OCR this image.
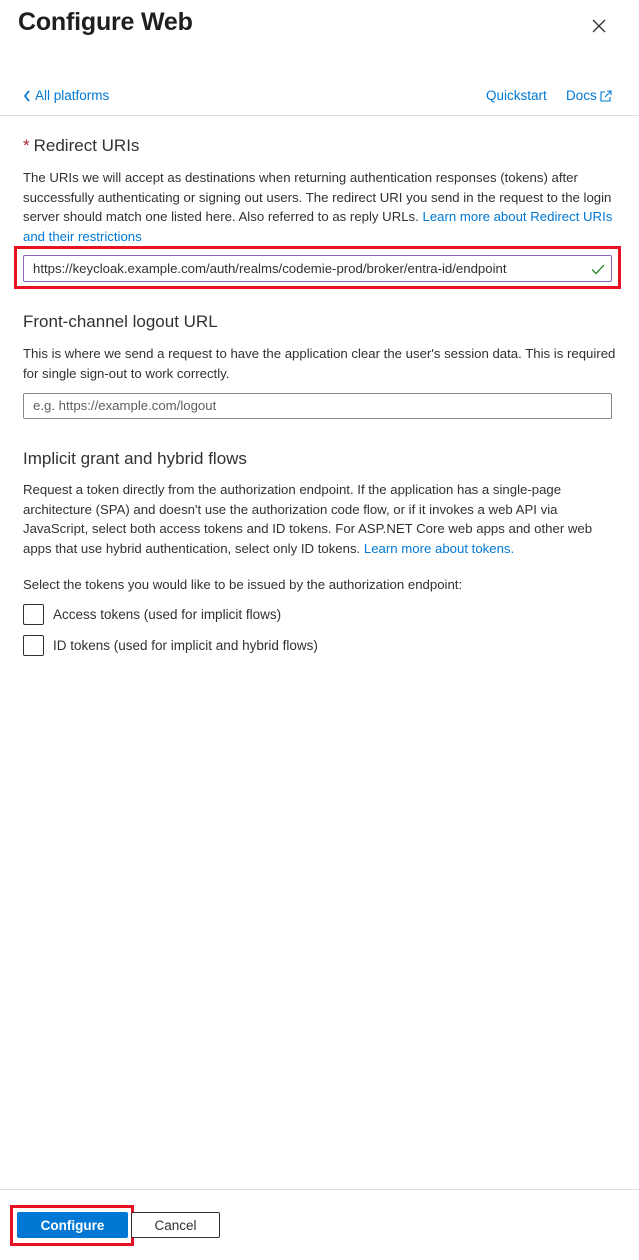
Configure Web
All platforms	Quickstart Docs
* Redirect URIs
The URIs we will accept as destinations when returning authentication responses (tokens) after successfully authenticating or signing out users. The redirect URI you send in the request to the login server should match one listed here. Also referred to as reply URLs. Learn more about Redirect URIs and their restrictions
https://keycloak.example.com/auth/realms/codemie-prod/broker/entra-id/endpoint
Front-channel logout URL
This is where we send a request to have the application clear the user's session data. This is required for single sign-out to work correctly.
e.g. https://example.com/logout
Implicit grant and hybrid flows
Request a token directly from the authorization endpoint. If the application has a single-page architecture (SPA) and doesn't use the authorization code flow, or if it invokes a web API via JavaScript, select both access tokens and ID tokens. For ASP.NET Core web apps and other web apps that use hybrid authentication, select only ID tokens. Learn more about tokens.
Select the tokens you would like to be issued by the authorization endpoint:
Access tokens (used for implicit flows)
ID tokens (used for implicit and hybrid flows)
Configure	Cancel
